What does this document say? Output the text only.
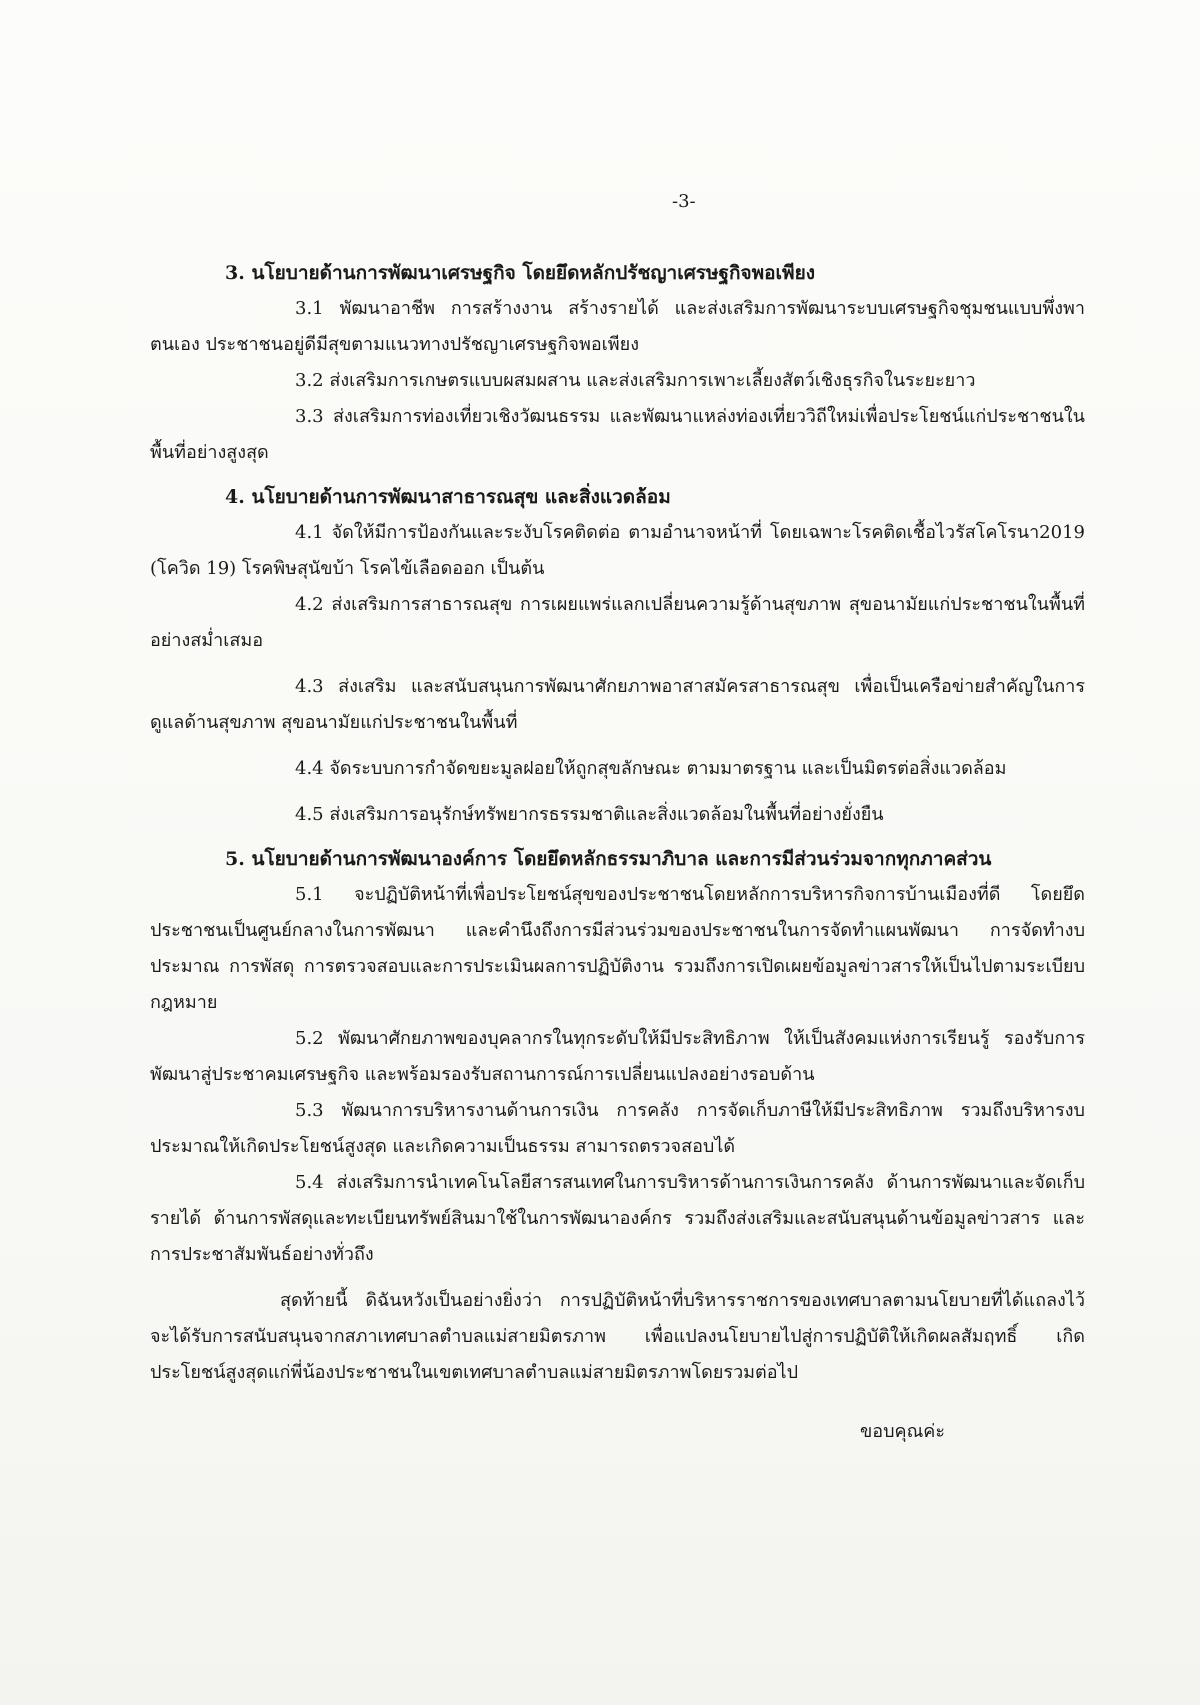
-3-
3. นโยบายด้านการพัฒนาเศรษฐกิจ โดยยึดหลักปรัชญาเศรษฐกิจพอเพียง

3.1 พัฒนาอาชีพ การสร้างงาน สร้างรายได้ และส่งเสริมการพัฒนาระบบเศรษฐกิจชุมชนแบบพึ่งพาตนเอง ประชาชนอยู่ดีมีสุขตามแนวทางปรัชญาเศรษฐกิจพอเพียง

3.2 ส่งเสริมการเกษตรแบบผสมผสาน และส่งเสริมการเพาะเลี้ยงสัตว์เชิงธุรกิจในระยะยาว

3.3 ส่งเสริมการท่องเที่ยวเชิงวัฒนธรรม และพัฒนาแหล่งท่องเที่ยววิถีใหม่เพื่อประโยชน์แก่ประชาชนในพื้นที่อย่างสูงสุด

4. นโยบายด้านการพัฒนาสาธารณสุข และสิ่งแวดล้อม

4.1 จัดให้มีการป้องกันและระงับโรคติดต่อ ตามอำนาจหน้าที่ โดยเฉพาะโรคติดเชื้อไวรัสโคโรนา2019 (โควิด 19) โรคพิษสุนัขบ้า โรคไข้เลือดออก เป็นต้น

4.2 ส่งเสริมการสาธารณสุข การเผยแพร่แลกเปลี่ยนความรู้ด้านสุขภาพ สุขอนามัยแก่ประชาชนในพื้นที่อย่างสม่ำเสมอ

4.3 ส่งเสริม และสนับสนุนการพัฒนาศักยภาพอาสาสมัครสาธารณสุข เพื่อเป็นเครือข่ายสำคัญในการดูแลด้านสุขภาพ สุขอนามัยแก่ประชาชนในพื้นที่

4.4 จัดระบบการกำจัดขยะมูลฝอยให้ถูกสุขลักษณะ ตามมาตรฐาน และเป็นมิตรต่อสิ่งแวดล้อม

4.5 ส่งเสริมการอนุรักษ์ทรัพยากรธรรมชาติและสิ่งแวดล้อมในพื้นที่อย่างยั่งยืน

5. นโยบายด้านการพัฒนาองค์การ โดยยึดหลักธรรมาภิบาล และการมีส่วนร่วมจากทุกภาคส่วน

5.1 จะปฏิบัติหน้าที่เพื่อประโยชน์สุขของประชาชนโดยหลักการบริหารกิจการบ้านเมืองที่ดี โดยยึดประชาชนเป็นศูนย์กลางในการพัฒนา และคำนึงถึงการมีส่วนร่วมของประชาชนในการจัดทำแผนพัฒนา การจัดทำงบประมาณ การพัสดุ การตรวจสอบและการประเมินผลการปฏิบัติงาน รวมถึงการเปิดเผยข้อมูลข่าวสารให้เป็นไปตามระเบียบกฎหมาย

5.2 พัฒนาศักยภาพของบุคลากรในทุกระดับให้มีประสิทธิภาพ ให้เป็นสังคมแห่งการเรียนรู้ รองรับการพัฒนาสู่ประชาคมเศรษฐกิจ และพร้อมรองรับสถานการณ์การเปลี่ยนแปลงอย่างรอบด้าน

5.3 พัฒนาการบริหารงานด้านการเงิน การคลัง การจัดเก็บภาษีให้มีประสิทธิภาพ รวมถึงบริหารงบประมาณให้เกิดประโยชน์สูงสุด และเกิดความเป็นธรรม สามารถตรวจสอบได้

5.4 ส่งเสริมการนำเทคโนโลยีสารสนเทศในการบริหารด้านการเงินการคลัง ด้านการพัฒนาและจัดเก็บรายได้ ด้านการพัสดุและทะเบียนทรัพย์สินมาใช้ในการพัฒนาองค์กร รวมถึงส่งเสริมและสนับสนุนด้านข้อมูลข่าวสาร และการประชาสัมพันธ์อย่างทั่วถึง

สุดท้ายนี้ ดิฉันหวังเป็นอย่างยิ่งว่า การปฏิบัติหน้าที่บริหารราชการของเทศบาลตามนโยบายที่ได้แถลงไว้ จะได้รับการสนับสนุนจากสภาเทศบาลตำบลแม่สายมิตรภาพ เพื่อแปลงนโยบายไปสู่การปฏิบัติให้เกิดผลสัมฤทธิ์ เกิดประโยชน์สูงสุดแก่พี่น้องประชาชนในเขตเทศบาลตำบลแม่สายมิตรภาพโดยรวมต่อไป

ขอบคุณค่ะ
